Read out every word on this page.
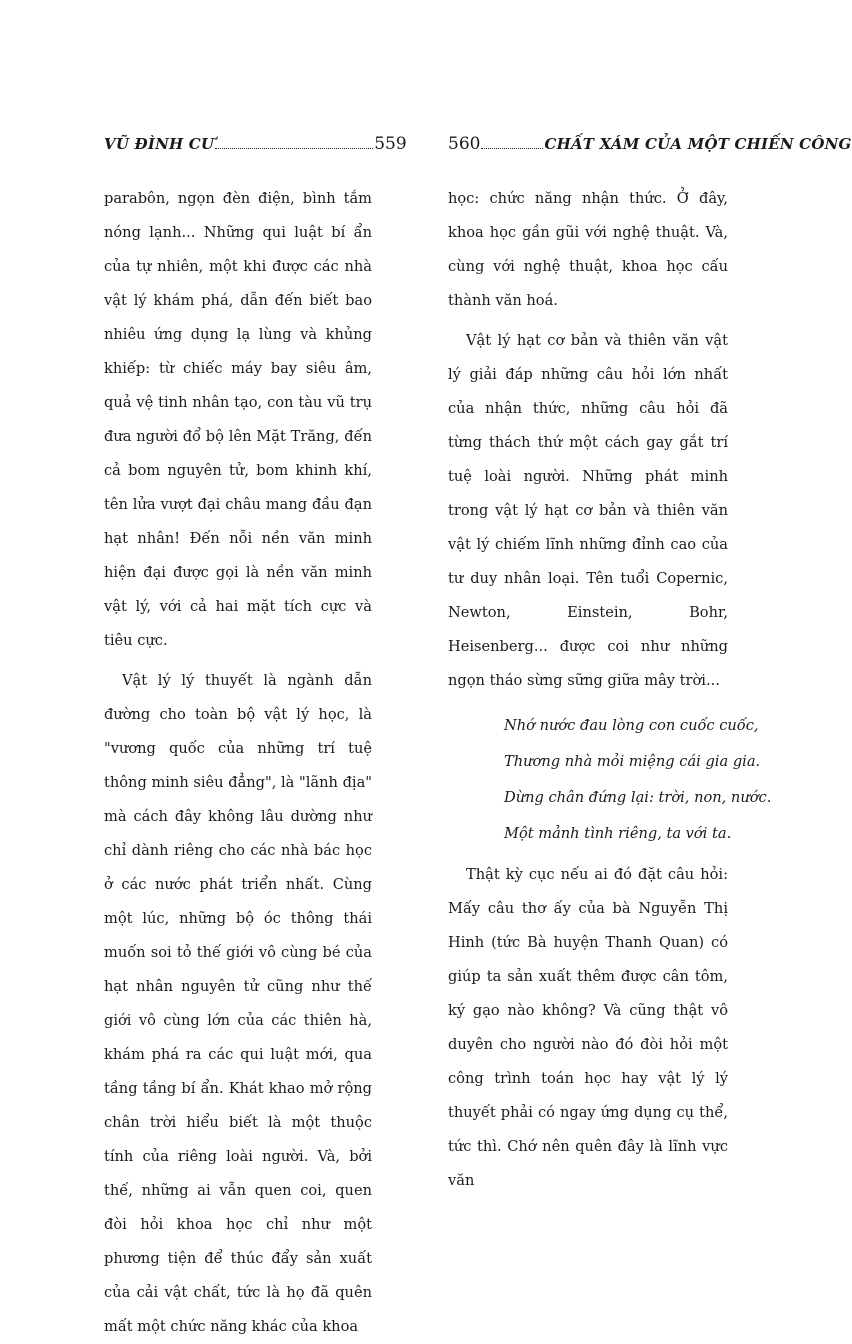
VŨ ĐÌNH CƯ	559

parabôn, ngọn đèn điện, bình tắm nóng lạnh... Những qui luật bí ẩn của tự nhiên, một khi được các nhà vật lý khám phá, dẫn đến biết bao nhiêu ứng dụng lạ lùng và khủng khiếp: từ chiếc máy bay siêu âm, quả vệ tinh nhân tạo, con tàu vũ trụ đưa người đổ bộ lên Mặt Trăng, đến cả bom nguyên tử, bom khinh khí, tên lửa vượt đại châu mang đầu đạn hạt nhân! Đến nỗi nền văn minh hiện đại được gọi là nền văn minh vật lý, với cả hai mặt tích cực và tiêu cực.

Vật lý lý thuyết là ngành dẫn đường cho toàn bộ vật lý học, là "vương quốc của những trí tuệ thông minh siêu đẳng", là "lãnh địa" mà cách đây không lâu dường như chỉ dành riêng cho các nhà bác học ở các nước phát triển nhất. Cùng một lúc, những bộ óc thông thái muốn soi tỏ thế giới vô cùng bé của hạt nhân nguyên tử cũng như thế giới vô cùng lớn của các thiên hà, khám phá ra các qui luật mới, qua tầng tầng bí ẩn. Khát khao mở rộng chân trời hiểu biết là một thuộc tính của riêng loài người. Và, bởi thế, những ai vẫn quen coi, quen đòi hỏi khoa học chỉ như một phương tiện để thúc đẩy sản xuất của cải vật chất, tức là họ đã quên mất một chức năng khác của khoa

560	CHẤT XÁM CỦA MỘT CHIẾN CÔNG

học: chức năng nhận thức. Ở đây, khoa học gần gũi với nghệ thuật. Và, cùng với nghệ thuật, khoa học cấu thành văn hoá.

Vật lý hạt cơ bản và thiên văn vật lý giải đáp những câu hỏi lớn nhất của nhận thức, những câu hỏi đã từng thách thứ một cách gay gắt trí tuệ loài người. Những phát minh trong vật lý hạt cơ bản và thiên văn vật lý chiếm lĩnh những đỉnh cao của tư duy nhân loại. Tên tuổi Copernic, Newton, Einstein, Bohr, Heisenberg... được coi như những ngọn tháo sừng sững giữa mây trời...

Nhớ nước đau lòng con cuốc cuốc,
Thương nhà mỏi miệng cái gia gia.
Dừng chân đứng lại: trời, non, nước.
Một mảnh tình riêng, ta với ta.

Thật kỳ cục nếu ai đó đặt câu hỏi: Mấy câu thơ ấy của bà Nguyễn Thị Hinh (tức Bà huyện Thanh Quan) có giúp ta sản xuất thêm được cân tôm, ký gạo nào không? Và cũng thật vô duyên cho người nào đó đòi hỏi một công trình toán học hay vật lý lý thuyết phải có ngay ứng dụng cụ thể, tức thì. Chớ nên quên đây là lĩnh vực văn
